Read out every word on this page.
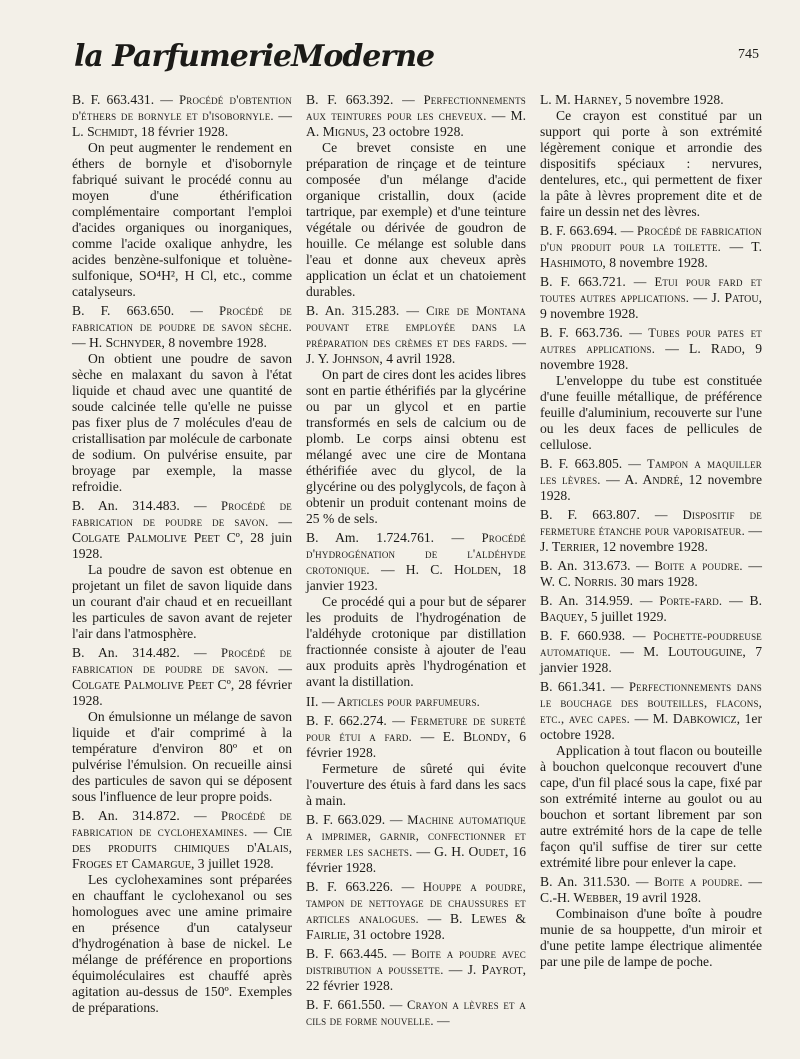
la ParfumerieModerne	745

B. F. 663.431. — Procédé d'obtention d'éthers de bornyle et d'isobornyle. — L. Schmidt, 18 février 1928.

On peut augmenter le rendement en éthers de bornyle et d'isobornyle fabriqué suivant le procédé connu au moyen d'une éthérification complémentaire comportant l'emploi d'acides organiques ou inorganiques, comme l'acide oxalique anhydre, les acides benzène-sulfonique et toluène-sulfonique, SO⁴H², H Cl, etc., comme catalyseurs.

B. F. 663.650. — Procédé de fabrication de poudre de savon sèche. — H. Schnyder, 8 novembre 1928.

On obtient une poudre de savon sèche en malaxant du savon à l'état liquide et chaud avec une quantité de soude calcinée telle qu'elle ne puisse pas fixer plus de 7 molécules d'eau de cristallisation par molécule de carbonate de sodium. On pulvérise ensuite, par broyage par exemple, la masse refroidie.

B. An. 314.483. — Procédé de fabrication de poudre de savon. — Colgate Palmolive Peet Cº, 28 juin 1928.

La poudre de savon est obtenue en projetant un filet de savon liquide dans un courant d'air chaud et en recueillant les particules de savon avant de rejeter l'air dans l'atmosphère.

B. An. 314.482. — Procédé de fabrication de poudre de savon. — Colgate Palmolive Peet Cº, 28 février 1928.

On émulsionne un mélange de savon liquide et d'air comprimé à la température d'environ 80º et on pulvérise l'émulsion. On recueille ainsi des particules de savon qui se déposent sous l'influence de leur propre poids.

B. An. 314.872. — Procédé de fabrication de cyclohexamines. — Cie des produits chimiques d'Alais, Froges et Camargue, 3 juillet 1928.

Les cyclohexamines sont préparées en chauffant le cyclohexanol ou ses homologues avec une amine primaire en présence d'un catalyseur d'hydrogénation à base de nickel. Le mélange de préférence en proportions équimoléculaires est chauffé après agitation au-dessus de 150º. Exemples de préparations.

B. F. 663.392. — Perfectionnements aux teintures pour les cheveux. — M. A. Mignus, 23 octobre 1928.

Ce brevet consiste en une préparation de rinçage et de teinture composée d'un mélange d'acide organique cristallin, doux (acide tartrique, par exemple) et d'une teinture végétale ou dérivée de goudron de houille. Ce mélange est soluble dans l'eau et donne aux cheveux après application un éclat et un chatoiement durables.

B. An. 315.283. — Cire de Montana pouvant etre employée dans la préparation des crèmes et des fards. — J. Y. Johnson, 4 avril 1928.

On part de cires dont les acides libres sont en partie éthérifiés par la glycérine ou par un glycol et en partie transformés en sels de calcium ou de plomb. Le corps ainsi obtenu est mélangé avec une cire de Montana éthérifiée avec du glycol, de la glycérine ou des polyglycols, de façon à obtenir un produit contenant moins de 25 % de sels.

B. Am. 1.724.761. — Procédé d'hydrogénation de l'aldéhyde crotonique. — H. C. Holden, 18 janvier 1923.

Ce procédé qui a pour but de séparer les produits de l'hydrogénation de l'aldéhyde crotonique par distillation fractionnée consiste à ajouter de l'eau aux produits après l'hydrogénation et avant la distillation.

II. — Articles pour parfumeurs.

B. F. 662.274. — Fermeture de sureté pour étui a fard. — E. Blondy, 6 février 1928.

Fermeture de sûreté qui évite l'ouverture des étuis à fard dans les sacs à main.

B. F. 663.029. — Machine automatique a imprimer, garnir, confectionner et fermer les sachets. — G. H. Oudet, 16 février 1928.

B. F. 663.226. — Houppe a poudre, tampon de nettoyage de chaussures et articles analogues. — B. Lewes & Fairlie, 31 octobre 1928.

B. F. 663.445. — Boite a poudre avec distribution a poussette. — J. Payrot, 22 février 1928.

B. F. 661.550. — Crayon a lèvres et a cils de forme nouvelle. —

L. M. Harney, 5 novembre 1928.

Ce crayon est constitué par un support qui porte à son extrémité légèrement conique et arrondie des dispositifs spéciaux : nervures, dentelures, etc., qui permettent de fixer la pâte à lèvres proprement dite et de faire un dessin net des lèvres.

B. F. 663.694. — Procédé de fabrication d'un produit pour la toilette. — T. Hashimoto, 8 novembre 1928.

B. F. 663.721. — Etui pour fard et toutes autres applications. — J. Patou, 9 novembre 1928.

B. F. 663.736. — Tubes pour pates et autres applications. — L. Rado, 9 novembre 1928.

L'enveloppe du tube est constituée d'une feuille métallique, de préférence feuille d'aluminium, recouverte sur l'une ou les deux faces de pellicules de cellulose.

B. F. 663.805. — Tampon a maquiller les lèvres. — A. André, 12 novembre 1928.

B. F. 663.807. — Dispositif de fermeture étanche pour vaporisateur. — J. Terrier, 12 novembre 1928.

B. An. 313.673. — Boite a poudre. — W. C. Norris. 30 mars 1928.

B. An. 314.959. — Porte-fard. — B. Baquey, 5 juillet 1929.

B. F. 660.938. — Pochette-poudreuse automatique. — M. Loutouguine, 7 janvier 1928.

B. 661.341. — Perfectionnements dans le bouchage des bouteilles, flacons, etc., avec capes. — M. Dabkowicz, 1er octobre 1928.

Application à tout flacon ou bouteille à bouchon quelconque recouvert d'une cape, d'un fil placé sous la cape, fixé par son extrémité interne au goulot ou au bouchon et sortant librement par son autre extrémité hors de la cape de telle façon qu'il suffise de tirer sur cette extrémité libre pour enlever la cape.

B. An. 311.530. — Boite a poudre. — C.-H. Webber, 19 avril 1928.

Combinaison d'une boîte à poudre munie de sa houppette, d'un miroir et d'une petite lampe électrique alimentée par une pile de lampe de poche.
